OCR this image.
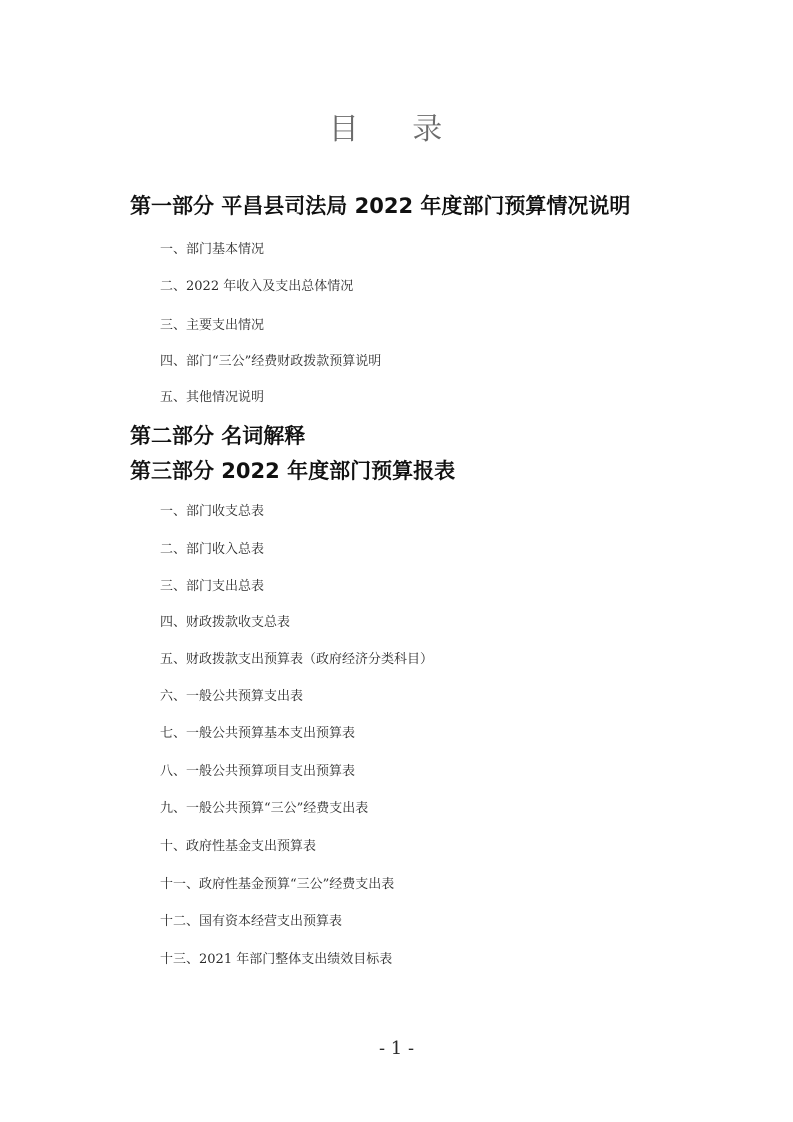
目 录
第一部分 平昌县司法局 2022 年度部门预算情况说明
一、部门基本情况
二、2022 年收入及支出总体情况
三、主要支出情况
四、部门“三公”经费财政拨款预算说明
五、其他情况说明
第二部分 名词解释
第三部分 2022 年度部门预算报表
一、部门收支总表
二、部门收入总表
三、部门支出总表
四、财政拨款收支总表
五、财政拨款支出预算表（政府经济分类科目）
六、一般公共预算支出表
七、一般公共预算基本支出预算表
八、一般公共预算项目支出预算表
九、一般公共预算“三公”经费支出表
十、政府性基金支出预算表
十一、政府性基金预算“三公”经费支出表
十二、国有资本经营支出预算表
十三、2021 年部门整体支出绩效目标表
- 1 -
